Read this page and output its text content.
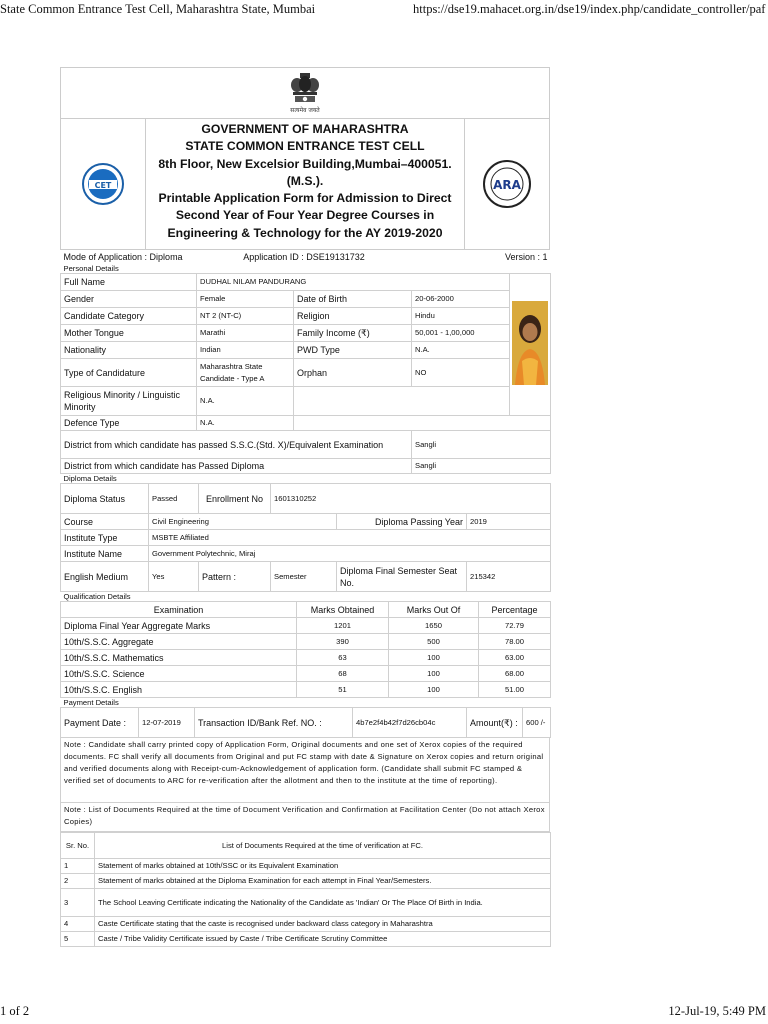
State Common Entrance Test Cell, Maharashtra State, Mumbai	https://dse19.mahacet.org.in/dse19/index.php/candidate_controller/paf
सत्यमेव जयते
CET
GOVERNMENT OF MAHARASHTRA
STATE COMMON ENTRANCE TEST CELL
8th Floor, New Excelsior Building,Mumbai–400051.
(M.S.).
Printable Application Form for Admission to Direct
Second Year of Four Year Degree Courses in
Engineering & Technology for the AY 2019-2020
ARA
Mode of Application : Diploma	Application ID : DSE19131732		Version : 1	
Personal Details				
Full Name	DUDHAL NILAM PANDURANG	
Gender	Female	Date of Birth	20-06-2000	
Candidate Category	NT 2 (NT-C)	Religion	Hindu	
Mother Tongue	Marathi	Family Income (₹)	50,001 - 1,00,000	
Nationality	Indian	PWD Type	N.A.	
Type of Candidature	Maharashtra State Candidate - Type A	Orphan	NO	
Religious Minority / Linguistic Minority	N.A.			
Defence Type	N.A.			
District from which candidate has passed S.S.C.(Std. X)/Equivalent Examination			Sangli	
District from which candidate has Passed Diploma			Sangli	
Diploma Details				
Diploma Status	Passed	Enrollment No	1601310252		
Course	Civil Engineering			Diploma Passing Year	2019
Institute Type	MSBTE Affiliated				
Institute Name	Government Polytechnic, Miraj				
English Medium	Yes	Pattern :	Semester	Diploma Final Semester Seat No.	215342
Qualification Details					
Examination	Marks Obtained	Marks Out Of	Percentage
Diploma Final Year Aggregate Marks	1201	1650	72.79
10th/S.S.C. Aggregate	390	500	78.00
10th/S.S.C. Mathematics	63	100	63.00
10th/S.S.C. Science	68	100	68.00
10th/S.S.C. English	51	100	51.00
Payment Details			
Payment Date :	12-07-2019	Transaction ID/Bank Ref. NO. :	4b7e2f4b42f7d26cb04c	Amount(₹) :	600 /-
Note : Candidate shall carry printed copy of Application Form, Original documents and one set of Xerox copies of the required documents. FC shall verify all documents from Original and put FC stamp with date & Signature on Xerox copies and return original and verified documents along with Receipt-cum-Acknowledgement of application form. (Candidate shall submit FC stamped & verified set of documents to ARC for re-verification after the allotment and then to the institute at the time of reporting).
Note : List of Documents Required at the time of Document Verification and Confirmation at Facilitation Center (Do not attach Xerox Copies)
Sr. No.	List of Documents Required at the time of verification at FC.
1	Statement of marks obtained at 10th/SSC or its Equivalent Examination
2	Statement of marks obtained at the Diploma Examination for each attempt in Final Year/Semesters.
3	The School Leaving Certificate indicating the Nationality of the Candidate as 'Indian' Or The Place Of Birth in India.
4	Caste Certificate stating that the caste is recognised under backward class category in Maharashtra
5	Caste / Tribe Validity Certificate issued by Caste / Tribe Certificate Scrutiny Committee
1 of 2	12-Jul-19, 5:49 PM
